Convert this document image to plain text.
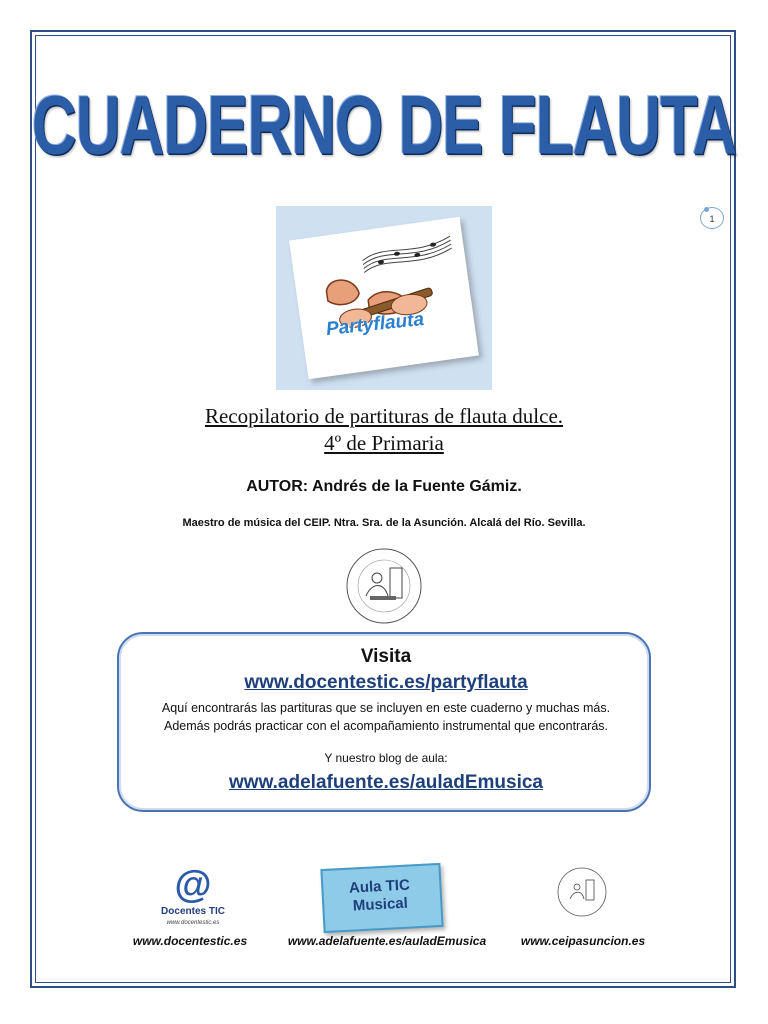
CUADERNO DE FLAUTA
1
Partyflauta
Recopilatorio de partituras de flauta dulce.
4º de Primaria
AUTOR: Andrés de la Fuente Gámiz.
Maestro de música del CEIP. Ntra. Sra. de la Asunción. Alcalá del Río. Sevilla.
Visita
www.docentestic.es/partyflauta
Aquí encontrarás las partituras que se incluyen en este cuaderno y muchas más.
Además podrás practicar con el acompañamiento instrumental que encontrarás.
Y nuestro blog de aula:
www.adelafuente.es/auladEmusica
@
Docentes TIC
www.docentestic.es
Aula TIC Musical
www.docentestic.es	www.adelafuente.es/auladEmusica	www.ceipasuncion.es
